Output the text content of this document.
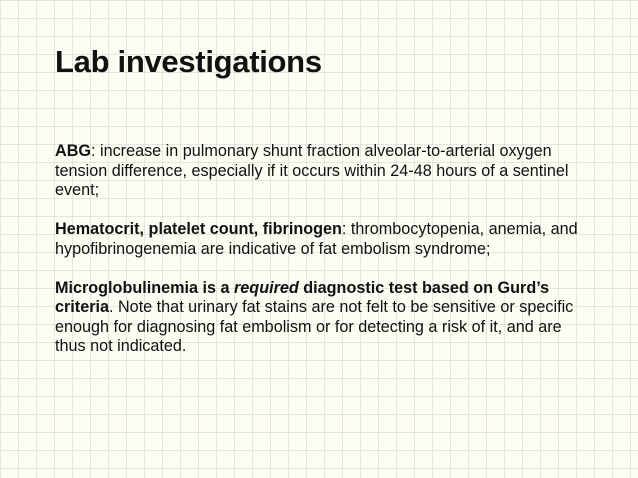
Lab investigations

ABG: increase in pulmonary shunt fraction alveolar-to-arterial oxygen tension difference, especially if it occurs within 24-48 hours of a sentinel event;

Hematocrit, platelet count, fibrinogen: thrombocytopenia, anemia, and hypofibrinogenemia are indicative of fat embolism syndrome;

Microglobulinemia is a required diagnostic test based on Gurd’s criteria. Note that urinary fat stains are not felt to be sensitive or specific enough for diagnosing fat embolism or for detecting a risk of it, and are thus not indicated.
